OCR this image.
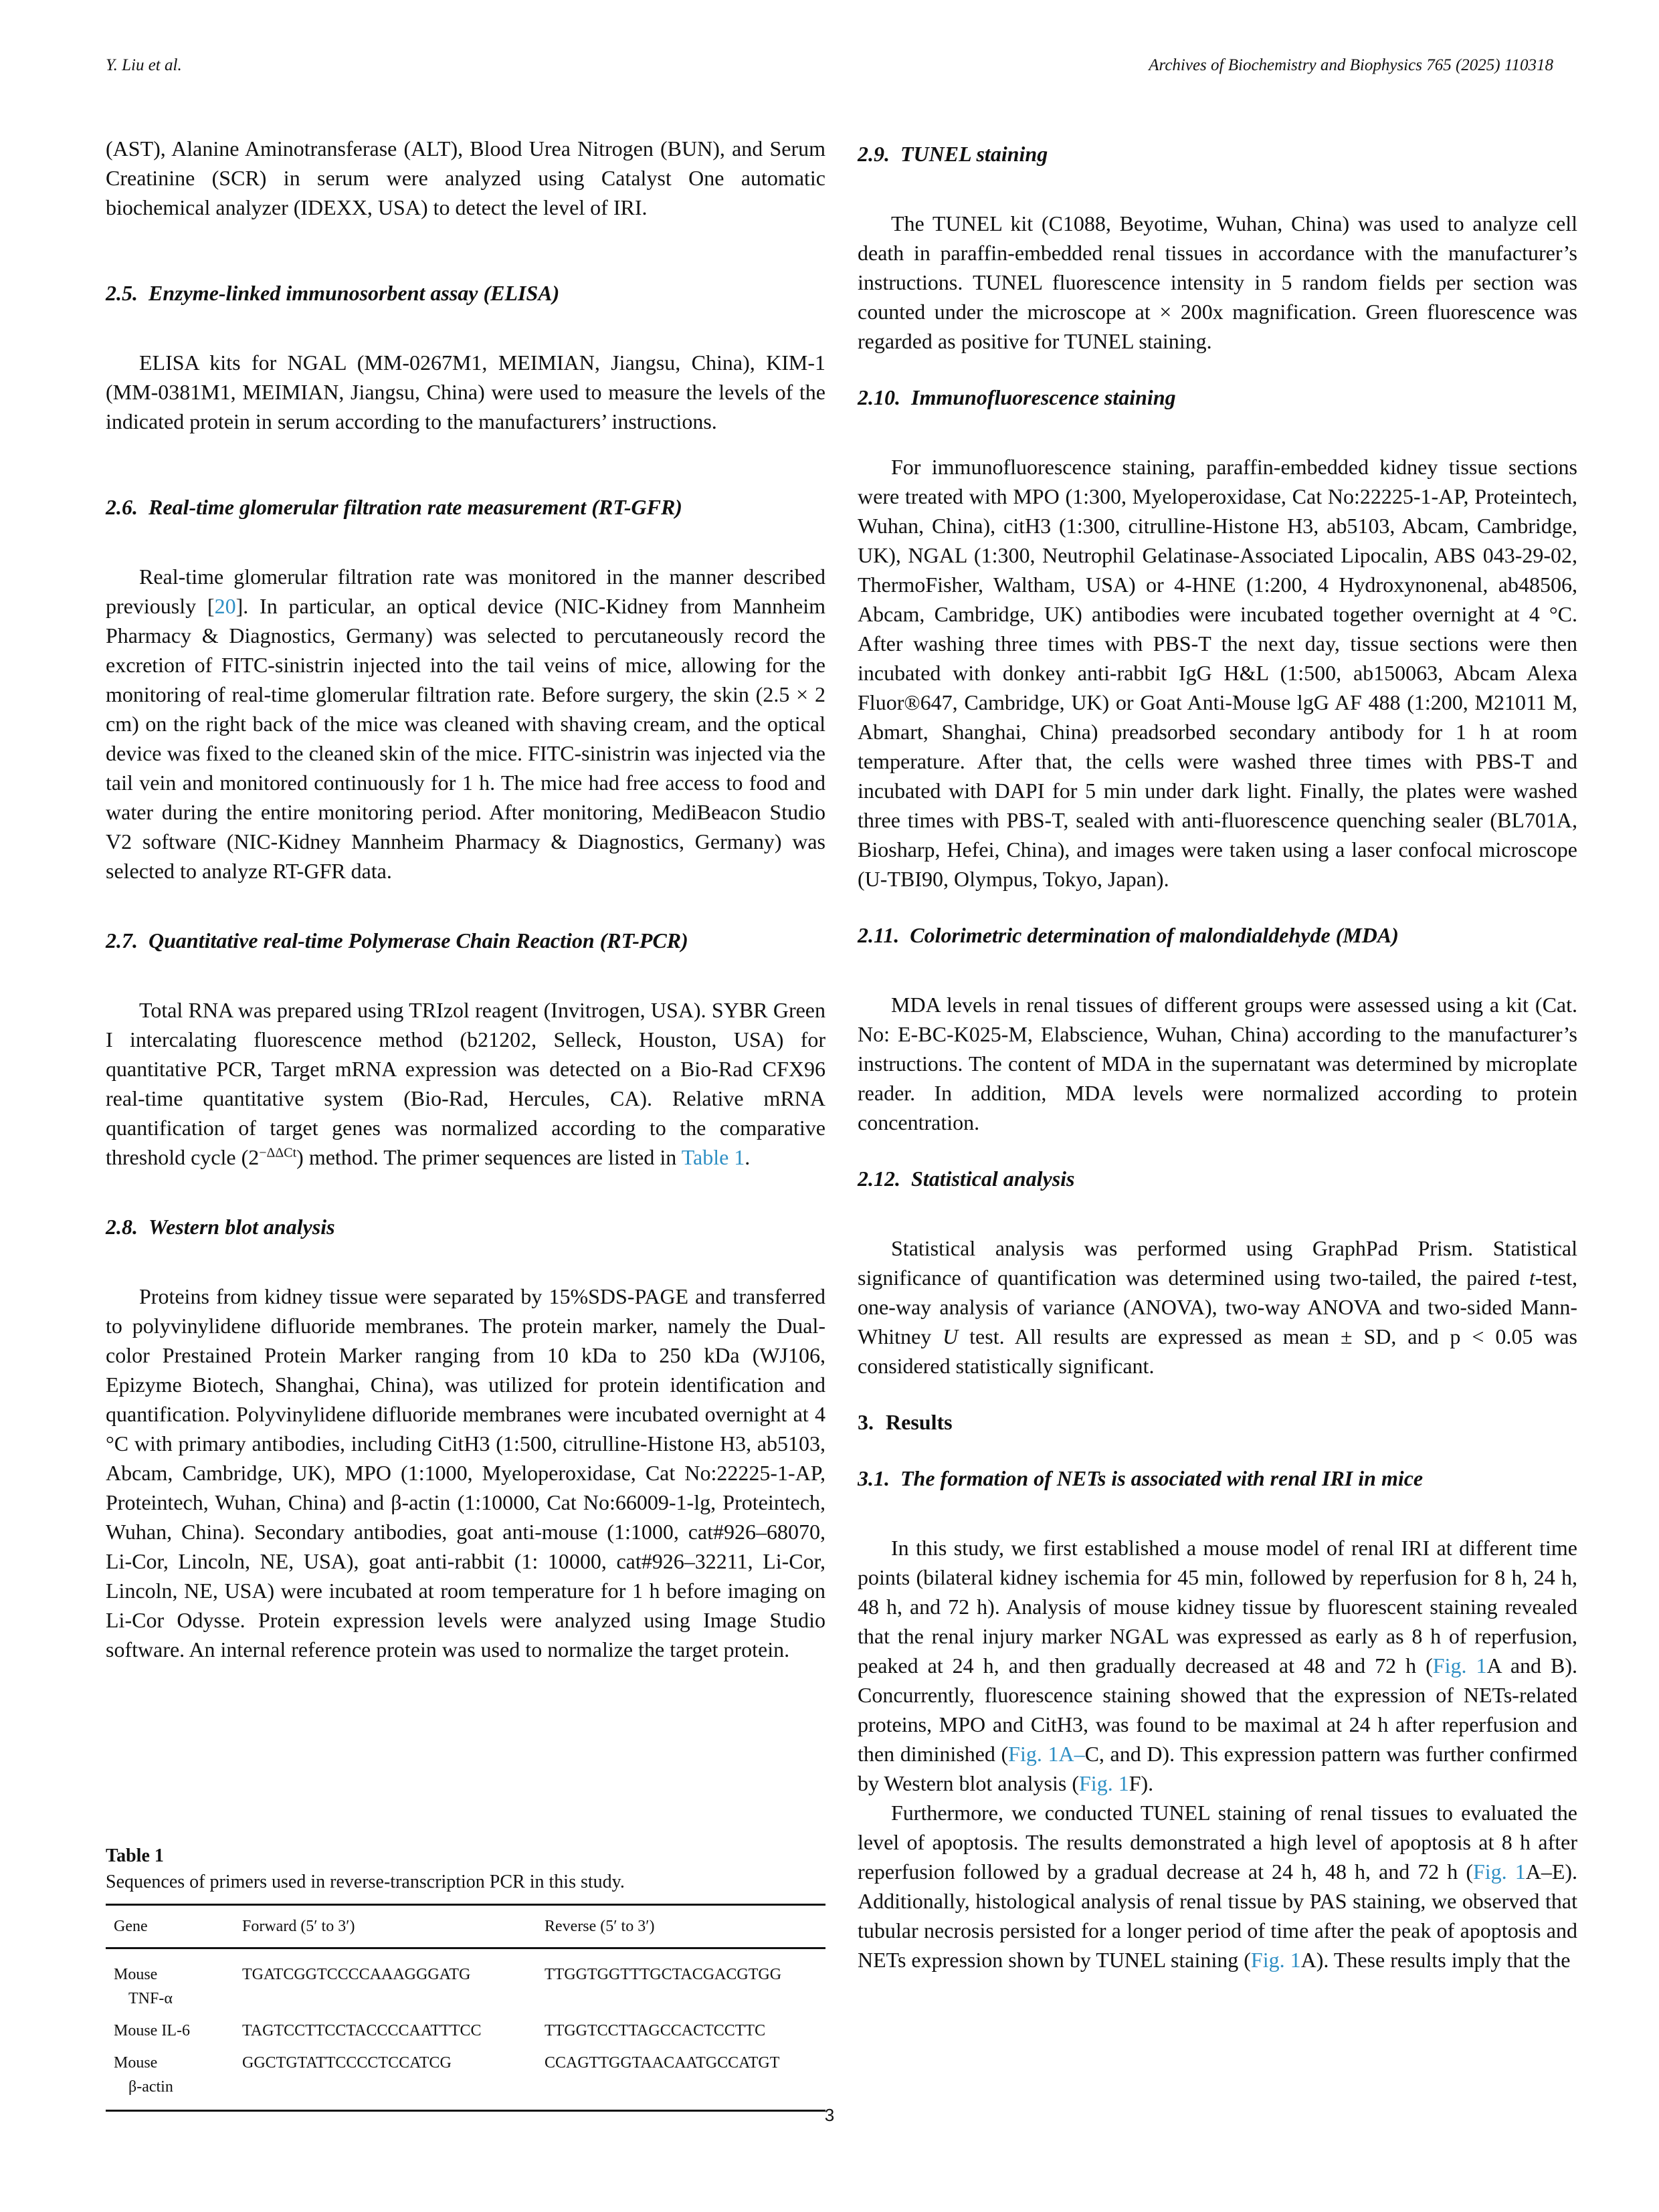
Y. Liu et al.	Archives of Biochemistry and Biophysics 765 (2025) 110318

(AST), Alanine Aminotransferase (ALT), Blood Urea Nitrogen (BUN), and Serum Creatinine (SCR) in serum were analyzed using Catalyst One automatic biochemical analyzer (IDEXX, USA) to detect the level of IRI.

2.5. Enzyme-linked immunosorbent assay (ELISA)

ELISA kits for NGAL (MM-0267M1, MEIMIAN, Jiangsu, China), KIM-1 (MM-0381M1, MEIMIAN, Jiangsu, China) were used to measure the levels of the indicated protein in serum according to the manufacturers’ instructions.

2.6. Real-time glomerular filtration rate measurement (RT-GFR)

Real-time glomerular filtration rate was monitored in the manner described previously [20]. In particular, an optical device (NIC-Kidney from Mannheim Pharmacy & Diagnostics, Germany) was selected to percutaneously record the excretion of FITC-sinistrin injected into the tail veins of mice, allowing for the monitoring of real-time glomerular filtration rate. Before surgery, the skin (2.5 × 2 cm) on the right back of the mice was cleaned with shaving cream, and the optical device was fixed to the cleaned skin of the mice. FITC-sinistrin was injected via the tail vein and monitored continuously for 1 h. The mice had free access to food and water during the entire monitoring period. After monitoring, MediBeacon Studio V2 software (NIC-Kidney Mannheim Pharmacy & Diagnostics, Germany) was selected to analyze RT-GFR data.

2.7. Quantitative real-time Polymerase Chain Reaction (RT-PCR)

Total RNA was prepared using TRIzol reagent (Invitrogen, USA). SYBR Green I intercalating fluorescence method (b21202, Selleck, Houston, USA) for quantitative PCR, Target mRNA expression was detected on a Bio-Rad CFX96 real-time quantitative system (Bio-Rad, Hercules, CA). Relative mRNA quantification of target genes was normalized according to the comparative threshold cycle $(2^{-\Delta\Delta Ct})$ method. The primer sequences are listed in Table 1.

2.8. Western blot analysis

Proteins from kidney tissue were separated by 15%SDS-PAGE and transferred to polyvinylidene difluoride membranes. The protein marker, namely the Dual-color Prestained Protein Marker ranging from 10 kDa to 250 kDa (WJ106, Epizyme Biotech, Shanghai, China), was utilized for protein identification and quantification. Polyvinylidene difluoride membranes were incubated overnight at 4 °C with primary antibodies, including CitH3 (1:500, citrulline-Histone H3, ab5103, Abcam, Cambridge, UK), MPO (1:1000, Myeloperoxidase, Cat No:22225-1-AP, Proteintech, Wuhan, China) and β-actin (1:10000, Cat No:66009-1-lg, Proteintech, Wuhan, China). Secondary antibodies, goat anti-mouse (1:1000, cat#926–68070, Li-Cor, Lincoln, NE, USA), goat anti-rabbit (1: 10000, cat#926–32211, Li-Cor, Lincoln, NE, USA) were incubated at room temperature for 1 h before imaging on Li-Cor Odysse. Protein expression levels were analyzed using Image Studio software. An internal reference protein was used to normalize the target protein.

Table 1
Sequences of primers used in reverse-transcription PCR in this study.
Gene	Forward (5′ to 3′)	Reverse (5′ to 3′)
Mouse
TNF-α	TGATCGGTCCCCAAAGGGATG	TTGGTGGTTTGCTACGACGTGG
Mouse IL-6	TAGTCCTTCCTACCCCAATTTCC	TTGGTCCTTAGCCACTCCTTC
Mouse
β-actin	GGCTGTATTCCCCTCCATCG	CCAGTTGGTAACAATGCCATGT
2.9. TUNEL staining

The TUNEL kit (C1088, Beyotime, Wuhan, China) was used to analyze cell death in paraffin-embedded renal tissues in accordance with the manufacturer’s instructions. TUNEL fluorescence intensity in 5 random fields per section was counted under the microscope at × 200x magnification. Green fluorescence was regarded as positive for TUNEL staining.

2.10. Immunofluorescence staining

For immunofluorescence staining, paraffin-embedded kidney tissue sections were treated with MPO (1:300, Myeloperoxidase, Cat No:22225-1-AP, Proteintech, Wuhan, China), citH3 (1:300, citrulline-Histone H3, ab5103, Abcam, Cambridge, UK), NGAL (1:300, Neutrophil Gelatinase-Associated Lipocalin, ABS 043-29-02, ThermoFisher, Waltham, USA) or 4-HNE (1:200, 4 Hydroxynonenal, ab48506, Abcam, Cambridge, UK) antibodies were incubated together overnight at 4 °C. After washing three times with PBS-T the next day, tissue sections were then incubated with donkey anti-rabbit IgG H&L (1:500, ab150063, Abcam Alexa Fluor®647, Cambridge, UK) or Goat Anti-Mouse lgG AF 488 (1:200, M21011 M, Abmart, Shanghai, China) preadsorbed secondary antibody for 1 h at room temperature. After that, the cells were washed three times with PBS-T and incubated with DAPI for 5 min under dark light. Finally, the plates were washed three times with PBS-T, sealed with anti-fluorescence quenching sealer (BL701A, Biosharp, Hefei, China), and images were taken using a laser confocal microscope (U-TBI90, Olympus, Tokyo, Japan).

2.11. Colorimetric determination of malondialdehyde (MDA)

MDA levels in renal tissues of different groups were assessed using a kit (Cat. No: E-BC-K025-M, Elabscience, Wuhan, China) according to the manufacturer’s instructions. The content of MDA in the supernatant was determined by microplate reader. In addition, MDA levels were normalized according to protein concentration.

2.12. Statistical analysis

Statistical analysis was performed using GraphPad Prism. Statistical significance of quantification was determined using two-tailed, the paired t-test, one-way analysis of variance (ANOVA), two-way ANOVA and two-sided Mann-Whitney U test. All results are expressed as mean ± SD, and p < 0.05 was considered statistically significant.

3. Results
3.1. The formation of NETs is associated with renal IRI in mice

In this study, we first established a mouse model of renal IRI at different time points (bilateral kidney ischemia for 45 min, followed by reperfusion for 8 h, 24 h, 48 h, and 72 h). Analysis of mouse kidney tissue by fluorescent staining revealed that the renal injury marker NGAL was expressed as early as 8 h of reperfusion, peaked at 24 h, and then gradually decreased at 48 and 72 h (Fig. 1A and B). Concurrently, fluorescence staining showed that the expression of NETs-related proteins, MPO and CitH3, was found to be maximal at 24 h after reperfusion and then diminished (Fig. 1A–C, and D). This expression pattern was further confirmed by Western blot analysis (Fig. 1F).

Furthermore, we conducted TUNEL staining of renal tissues to evaluated the level of apoptosis. The results demonstrated a high level of apoptosis at 8 h after reperfusion followed by a gradual decrease at 24 h, 48 h, and 72 h (Fig. 1A–E). Additionally, histological analysis of renal tissue by PAS staining, we observed that tubular necrosis persisted for a longer period of time after the peak of apoptosis and NETs expression shown by TUNEL staining (Fig. 1A). These results imply that the

3
